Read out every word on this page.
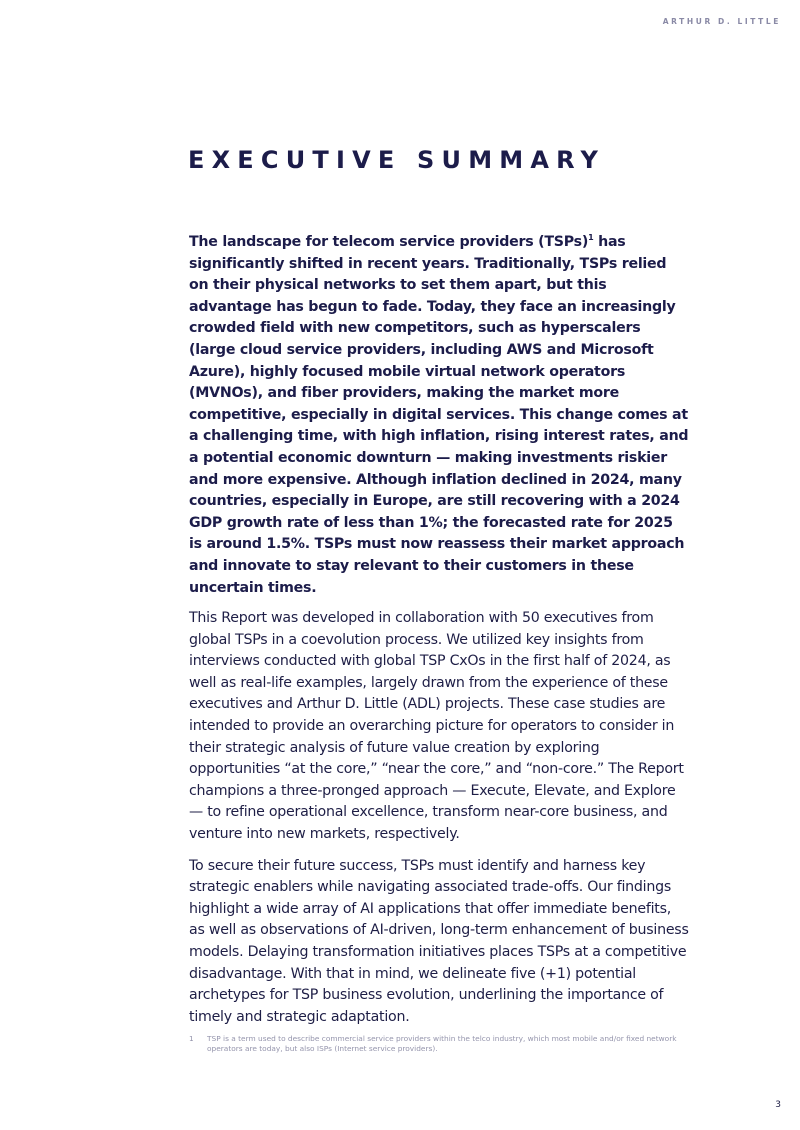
ARTHUR D. LITTLE
EXECUTIVE SUMMARY

The landscape for telecom service providers (TSPs)$^1$ has significantly shifted in recent years. Traditionally, TSPs relied on their physical networks to set them apart, but this advantage has begun to fade. Today, they face an increasingly crowded field with new competitors, such as hyperscalers (large cloud service providers, including AWS and Microsoft Azure), highly focused mobile virtual network operators (MVNOs), and fiber providers, making the market more competitive, especially in digital services. This change comes at a challenging time, with high inflation, rising interest rates, and a potential economic downturn — making investments riskier and more expensive. Although inflation declined in 2024, many countries, especially in Europe, are still recovering with a 2024 GDP growth rate of less than 1%; the forecasted rate for 2025 is around 1.5%. TSPs must now reassess their market approach and innovate to stay relevant to their customers in these uncertain times.

This Report was developed in collaboration with 50 executives from global TSPs in a coevolution process. We utilized key insights from interviews conducted with global TSP CxOs in the first half of 2024, as well as real-life examples, largely drawn from the experience of these executives and Arthur D. Little (ADL) projects. These case studies are intended to provide an overarching picture for operators to consider in their strategic analysis of future value creation by exploring opportunities “at the core,” “near the core,” and “non-core.” The Report champions a three-pronged approach — Execute, Elevate, and Explore — to refine operational excellence, transform near-core business, and venture into new markets, respectively.

To secure their future success, TSPs must identify and harness key strategic enablers while navigating associated trade-offs. Our findings highlight a wide array of AI applications that offer immediate benefits, as well as observations of AI-driven, long-term enhancement of business models. Delaying transformation initiatives places TSPs at a competitive disadvantage. With that in mind, we delineate five (+1) potential archetypes for TSP business evolution, underlining the importance of timely and strategic adaptation.

1	TSP is a term used to describe commercial service providers within the telco industry, which most mobile and/or fixed network operators are today, but also ISPs (Internet service providers).
3
